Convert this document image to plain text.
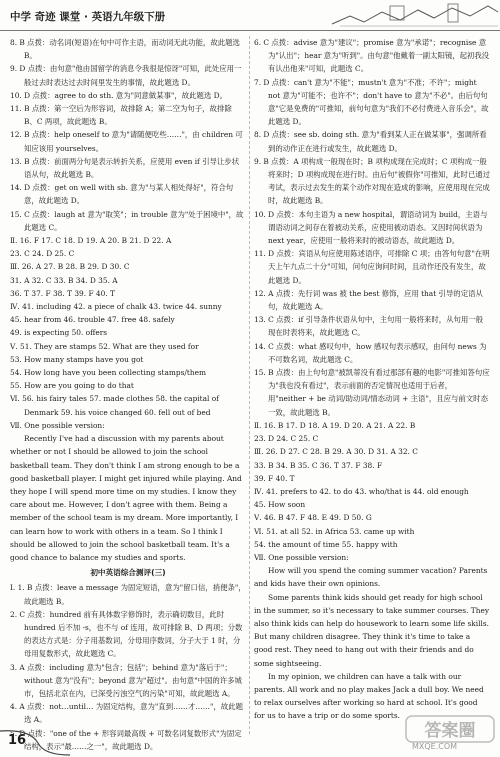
中学 奇迹 课堂 · 英语九年级下册

8. B 点拨：动名词(短语)在句中可作主语，而动词无此功能，故此题选 B。

9. D 点拨：由句意"他由国留学的消息令我很是惊讶"可知，此处应用一般过去时表达过去时间里发生的事情，故此题选 D。

10. D 点拨：agree to do sth. 意为"同意做某事"，故此题选 D。

11. B 点拨：第一空后为形容词，故排除 A；第二空为句子，故排除 B、C 两项，故此题选 B。

12. B 点拨：help oneself to 意为"请随便吃些……"，由 children 可知应该用 yourselves。

13. B 点拨：前面两分句是表示转折关系，应使用 even if 引导让步状语从句，故此题选 B。

14. D 点拨：get on well with sb. 意为"与某人相处得好"，符合句意，故此题选 D。

15. C 点拨：laugh at 意为"取笑"；in trouble 意为"处于困境中"，故此题选 C。

Ⅱ. 16. F 17. C 18. D 19. A 20. B 21. D 22. A

23. C 24. D 25. C

Ⅲ. 26. A 27. B 28. B 29. D 30. C

31. A 32. C 33. B 34. D 35. A

36. T 37. F 38. T 39. F 40. T

Ⅳ. 41. including 42. a piece of chalk 43. twice 44. sunny

45. hear from 46. trouble 47. free 48. safely

49. is expecting 50. offers

Ⅴ. 51. They are stamps 52. What are they used for

53. How many stamps have you got

54. How long have you been collecting stamps/them

55. How are you going to do that

Ⅵ. 56. his fairy tales 57. made clothes 58. the capital of Denmark 59. his voice changed 60. fell out of bed

Ⅶ. One possible version:

Recently I've had a discussion with my parents about whether or not I should be allowed to join the school basketball team. They don't think I am strong enough to be a good basketball player. I might get injured while playing. And they hope I will spend more time on my studies. I know they care about me. However, I don't agree with them. Being a member of the school team is my dream. More importantly, I can learn how to work with others in a team. So I think I should be allowed to join the school basketball team. It's a good chance to balance my studies and sports.

初中英语综合测评(三)

Ⅰ. 1. B 点拨：leave a message 为固定短语，意为"留口信，捎便条"，故此题选 B。

2. C 点拨：hundred 前有具体数字修饰时，表示确切数目，此时 hundred 后不加 -s，也不与 of 连用，故可排除 B、D 两项；分数的表达方式是：分子用基数词，分母用序数词，分子大于 1 时，分母用复数形式，故此题选 C。

3. A 点拨：including 意为"包含；包括"；behind 意为"落后于"；without 意为"没有"；beyond 意为"超过"。由句意"中国的许多城市，包括北京在内，已深受污浊空气的污染"可知，故此题选 A。

4. A 点拨：not…until… 为固定结构，意为"直到……才……"，故此题选 A。

5. D 点拨："one of the + 形容词最高级 + 可数名词复数形式"为固定结构，表示"最……之一"，故此题选 D。

6. C 点拨：advise 意为"建议"；promise 意为"承诺"；recognise 意为"认出"；hear 意为"听到"。由句意"他戴着一副太阳镜，起初我没有认出他来"可知，此题选 C。

7. D 点拨：can't 意为"不能"；mustn't 意为"不准；不许"；might not 意为"可能不；也许不"；don't have to 意为"不必"。由后句句意"它是免费的"可推知，前句句意为"我们不必付费进入音乐会"，故此题选 D。

8. D 点拨：see sb. doing sth. 意为"看到某人正在做某事"，强调所看到的动作正在进行或发生，故此题选 D。

9. B 点拨：A 项构成一般现在时；B 项构成现在完成时；C 项构成一般将来时；D 项构成现在进行时。由后句"被假你"可推知，此时已通过考试，表示过去发生的某个动作对现在造成的影响，应使用现在完成时，故此题选 B。

10. D 点拨：本句主语为 a new hospital，谓语动词为 build，主语与谓语动词之间存在着被动关系，应使用被动语态。又因时间状语为 next year，应使用一般将来时的被动语态，故此题选 D。

11. D 点拨：宾语从句应使用陈述语序，可排除 C 项；由答句句意"在明天上午九点二十分"可知，问句应询问时间，且动作还没有发生，故此题选 D。

12. A 点拨：先行词 was 被 the best 修饰，应用 that 引导的定语从句，故此题选 A。

13. C 点拨：if 引导条件状语从句中，主句用一般将来时，从句用一般现在时表将来，故此题选 C。

14. C 点拨：what 感叹句中，how 感叹句表示感叹，由问句 news 为不可数名词，故此题选 C。

15. B 点拨：由上句句意"被凯蒂没有看过那部有趣的电影"可推知答句应为"我也没有看过"，表示前面的否定情况也适用于后者，用"neither + be 动词/助动词/情态动词 + 主语"，且应与前文时态一致，故此题选 B。

Ⅱ. 16. B 17. D 18. A 19. D 20. A 21. A 22. B

23. D 24. C 25. C

Ⅲ. 26. D 27. C 28. B 29. A 30. D 31. A 32. C

33. B 34. B 35. C 36. T 37. F 38. F

39. F 40. T

Ⅳ. 41. prefers to 42. to do 43. who/that is 44. old enough

45. How soon

Ⅴ. 46. B 47. F 48. E 49. D 50. G

Ⅵ. 51. at all 52. in Africa 53. came up with

54. the amount of time 55. happy with

Ⅶ. One possible version:

How will you spend the coming summer vacation? Parents and kids have their own opinions.

Some parents think kids should get ready for high school in the summer, so it's necessary to take summer courses. They also think kids can help do housework to learn some life skills. But many children disagree. They think it's time to take a good rest. They need to hang out with their friends and do some sightseeing.

In my opinion, we children can have a talk with our parents. All work and no play makes Jack a dull boy. We need to relax ourselves after working so hard at school. It's good for us to have a trip or do some sports.

16	答案圈
MXQE.COM
